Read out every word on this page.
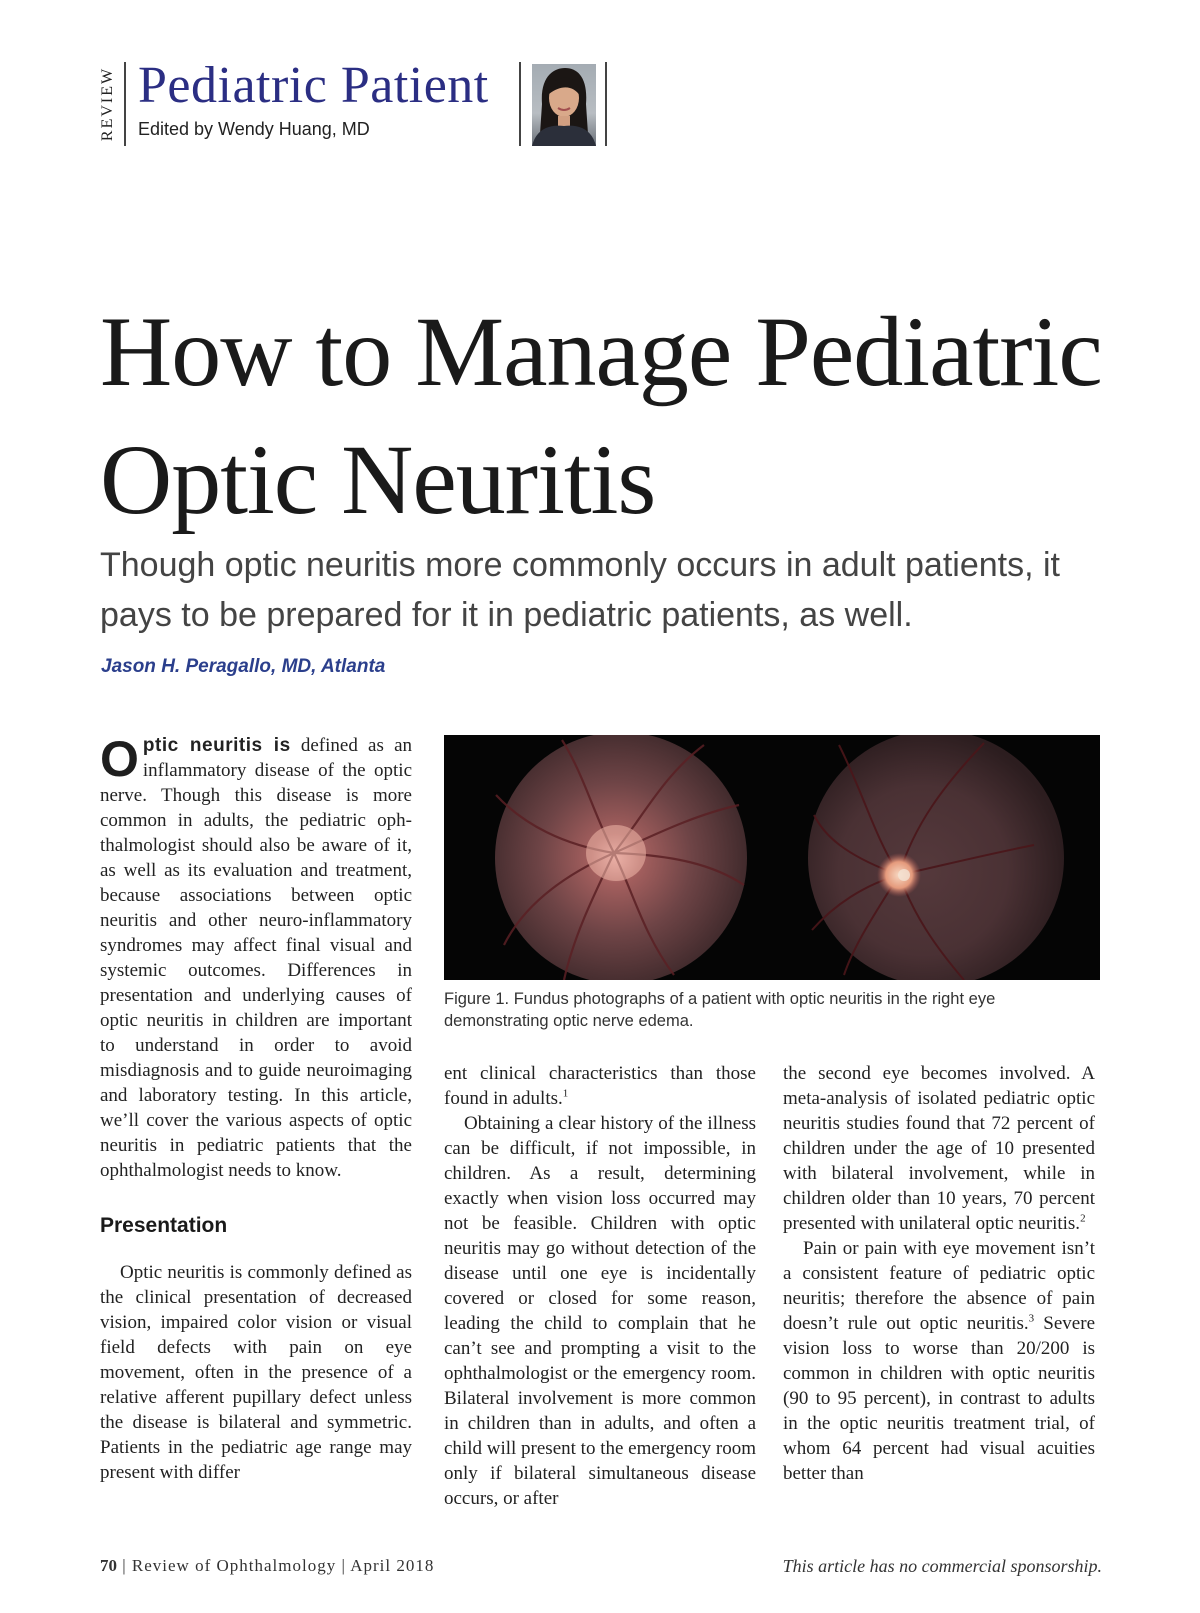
REVIEW Pediatric Patient
Edited by Wendy Huang, MD
How to Manage Pediatric
Optic Neuritis

Though optic neuritis more commonly occurs in adult patients, it pays to be prepared for it in pediatric patients, as well.

Jason H. Peragallo, MD, Atlanta

Optic neuritis is defined as an inflammatory disease of the optic nerve. Though this disease is more common in adults, the pediatric ophthalmologist should also be aware of it, as well as its evaluation and treatment, because associations between optic neuritis and other neuro-inflammatory syndromes may affect final visual and systemic outcomes. Differences in presentation and underlying causes of optic neuritis in children are important to understand in order to avoid misdiagnosis and to guide neuroimaging and laboratory testing. In this article, we’ll cover the various aspects of optic neuritis in pediatric patients that the ophthalmologist needs to know.

Presentation

Optic neuritis is commonly defined as the clinical presentation of decreased vision, impaired color vision or visual field defects with pain on eye movement, often in the presence of a relative afferent pupillary defect unless the disease is bilateral and symmetric. Patients in the pediatric age range may present with differ

Figure 1. Fundus photographs of a patient with optic neuritis in the right eye demonstrating optic nerve edema.

ent clinical characteristics than those found in adults.$^1$

Obtaining a clear history of the illness can be difficult, if not impossible, in children. As a result, determining exactly when vision loss occurred may not be feasible. Children with optic neuritis may go without detection of the disease until one eye is incidentally covered or closed for some reason, leading the child to complain that he can’t see and prompting a visit to the ophthalmologist or the emergency room. Bilateral involvement is more common in children than in adults, and often a child will present to the emergency room only if bilateral simultaneous disease occurs, or after

the second eye becomes involved. A meta-analysis of isolated pediatric optic neuritis studies found that 72 percent of children under the age of 10 presented with bilateral involvement, while in children older than 10 years, 70 percent presented with unilateral optic neuritis.$^2$

Pain or pain with eye movement isn’t a consistent feature of pediatric optic neuritis; therefore the absence of pain doesn’t rule out optic neuritis.$^3$ Severe vision loss to worse than 20/200 is common in children with optic neuritis (90 to 95 percent), in contrast to adults in the optic neuritis treatment trial, of whom 64 percent had visual acuities better than

70 | Review of Ophthalmology | April 2018	This article has no commercial sponsorship.
